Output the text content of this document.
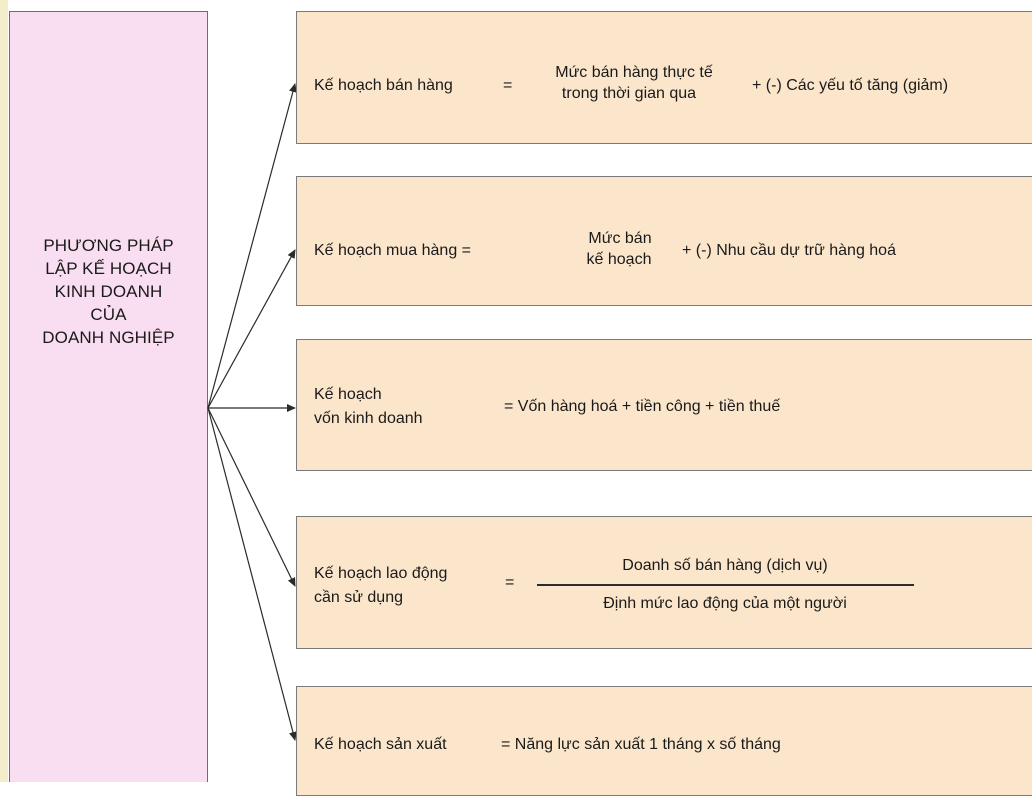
PHƯƠNG PHÁP
LẬP KẾ HOẠCH
KINH DOANH
CỦA
DOANH NGHIỆP
Kế hoạch bán hàng	=
Mức bán hàng thực tế
trong thời gian qua	+ (-) Các yếu tố tăng (giảm)
Kế hoạch mua hàng =
Mức bán
kế hoạch
+ (-) Nhu cầu dự trữ hàng hoá
Kế hoạch
vốn kinh doanh
= Vốn hàng hoá + tiền công + tiền thuế
Kế hoạch lao động
cần sử dụng
=
Doanh số bán hàng (dịch vụ)
Định mức lao động của một người
Kế hoạch sản xuất	= Năng lực sản xuất 1 tháng x số tháng
